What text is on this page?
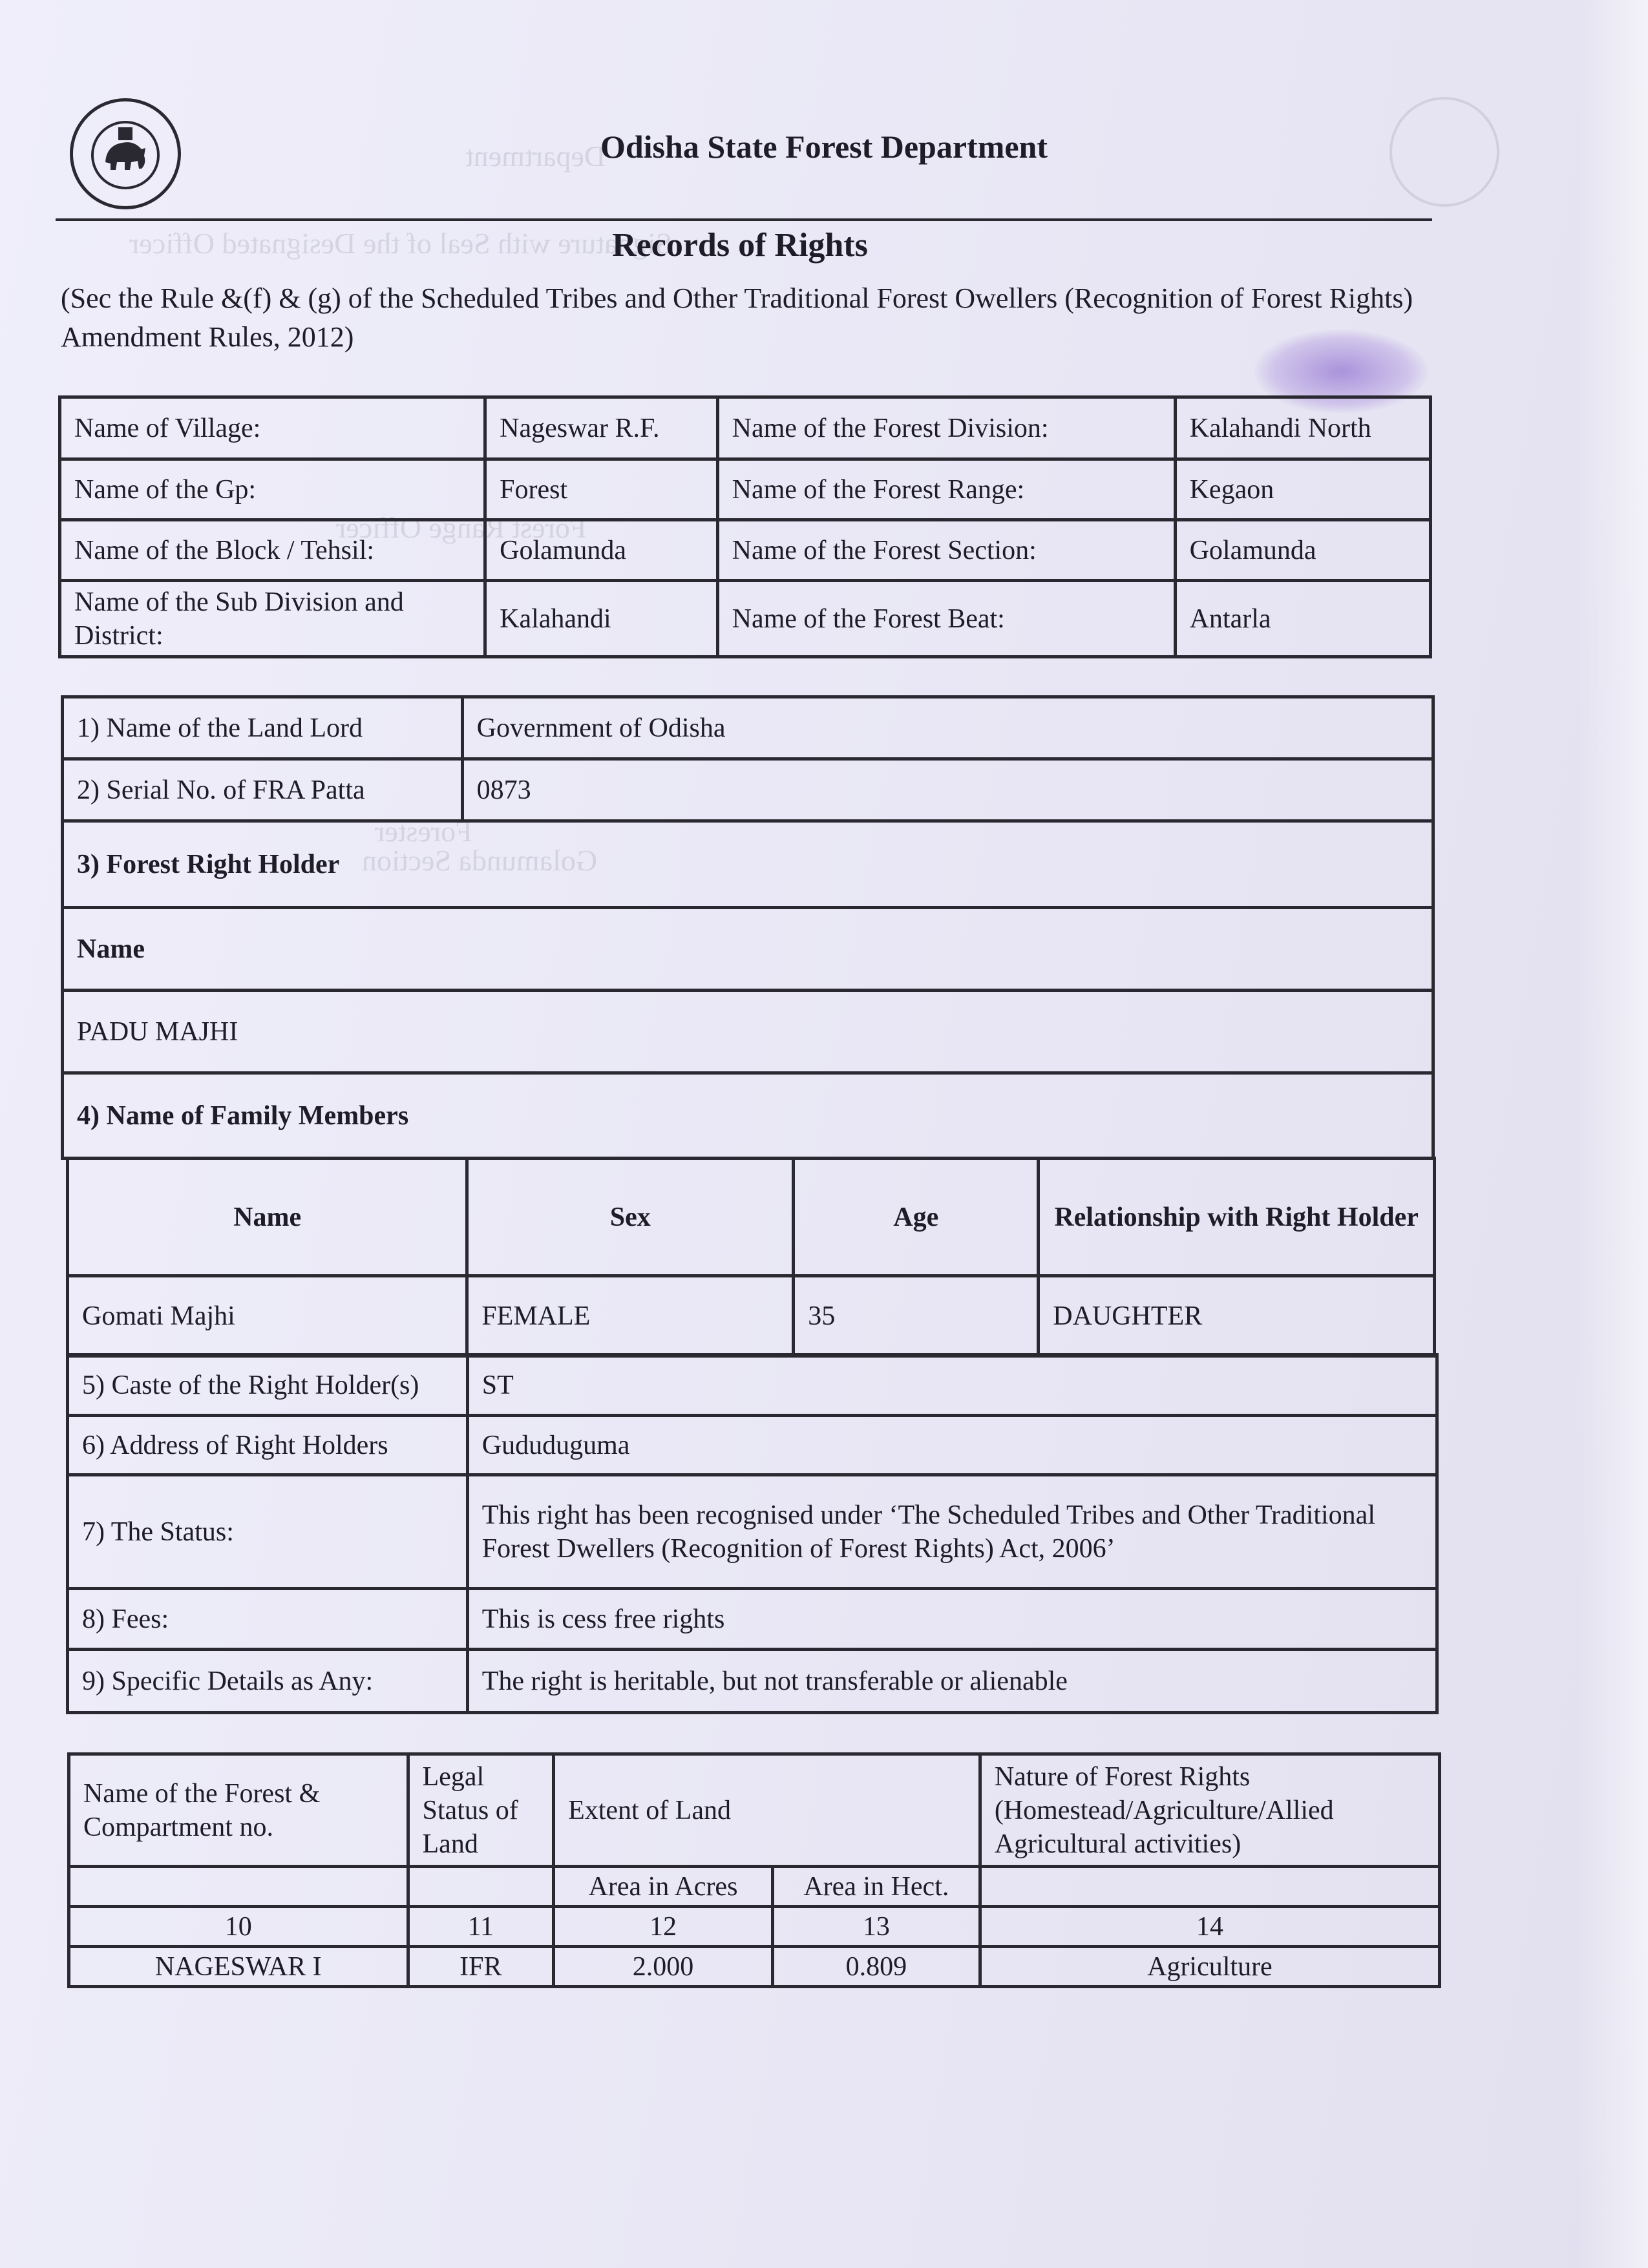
Department
Signature with Seal of the Designated Officer
Forest Range Officer
Forester
Golamunda Section
Odisha State Forest Department
Records of Rights
(Sec the Rule &(f) & (g) of the Scheduled Tribes and Other Traditional Forest Owellers (Recognition of Forest Rights) Amendment Rules, 2012)
Name of Village:	Nageswar R.F.	Name of the Forest Division:	Kalahandi North
Name of the Gp:	Forest	Name of the Forest Range:	Kegaon
Name of the Block / Tehsil:	Golamunda	Name of the Forest Section:	Golamunda
Name of the Sub Division and District:	Kalahandi	Name of the Forest Beat:	Antarla
1) Name of the Land Lord	Government of Odisha
2) Serial No. of FRA Patta	0873
3) Forest Right Holder	
Name	
PADU MAJHI	
4) Name of Family Members	
Name	Sex	Age	Relationship with Right Holder
Gomati Majhi	FEMALE	35	DAUGHTER
5) Caste of the Right Holder(s)	ST
6) Address of Right Holders	Gududuguma
7) The Status:	This right has been recognised under ‘The Scheduled Tribes and Other Traditional Forest Dwellers (Recognition of Forest Rights) Act, 2006’
8) Fees:	This is cess free rights
9) Specific Details as Any:	The right is heritable, but not transferable or alienable
Name of the Forest & Compartment no.	Legal Status of Land	Extent of Land		Nature of Forest Rights (Homestead/Agriculture/Allied Agricultural activities)
		Area in Acres	Area in Hect.	
10	11	12	13	14
NAGESWAR I	IFR	2.000	0.809	Agriculture
